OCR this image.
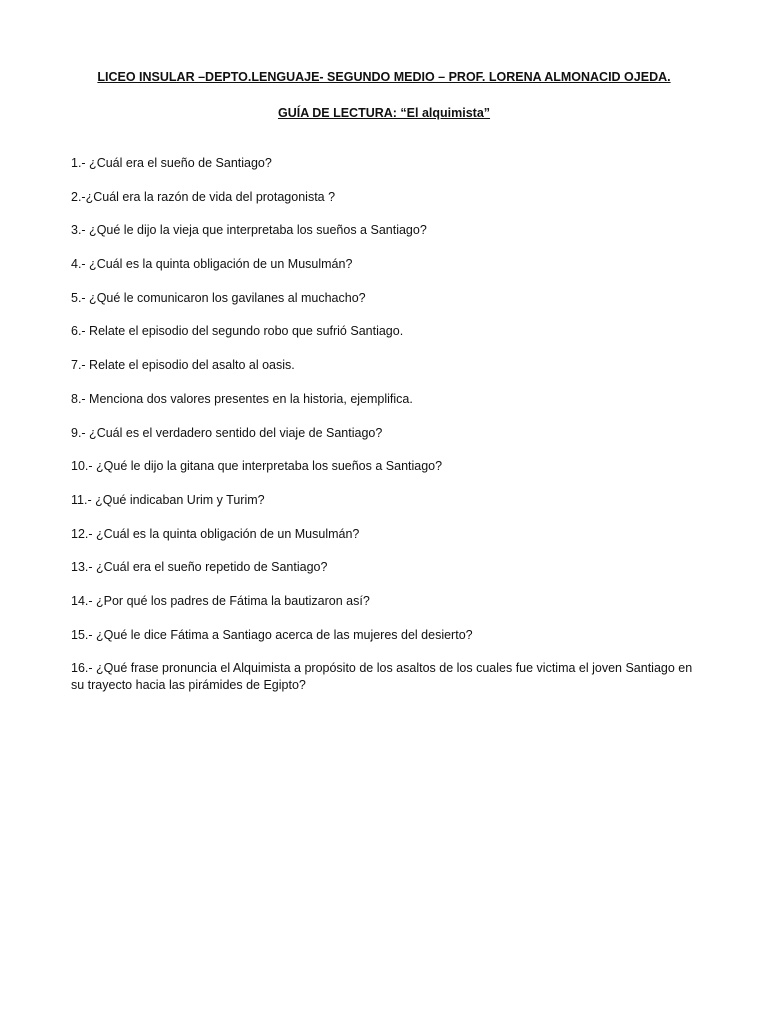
LICEO INSULAR –DEPTO.LENGUAJE- SEGUNDO MEDIO – PROF. LORENA ALMONACID OJEDA.
GUÍA DE LECTURA: “El alquimista”
1.- ¿Cuál era el sueño de Santiago?
2.-¿Cuál era la razón de vida del protagonista ?
3.- ¿Qué le dijo la vieja que interpretaba los sueños a Santiago?
4.- ¿Cuál es la quinta obligación de un Musulmán?
5.- ¿Qué le comunicaron los gavilanes al muchacho?
6.- Relate el episodio del segundo robo que sufrió Santiago.
7.- Relate el episodio del asalto al oasis.
8.- Menciona dos valores presentes en la historia, ejemplifica.
9.- ¿Cuál es el verdadero sentido del viaje de Santiago?
10.- ¿Qué le dijo la gitana que interpretaba los sueños a Santiago?
11.- ¿Qué indicaban Urim y Turim?
12.- ¿Cuál es la quinta obligación de un Musulmán?
13.- ¿Cuál era el sueño repetido de Santiago?
14.- ¿Por qué los padres de Fátima la bautizaron así?
15.- ¿Qué le dice Fátima a Santiago acerca de las mujeres del desierto?
16.- ¿Qué frase pronuncia el Alquimista a propósito de los asaltos de los cuales fue victima el joven Santiago en su trayecto hacia las pirámides de Egipto?
